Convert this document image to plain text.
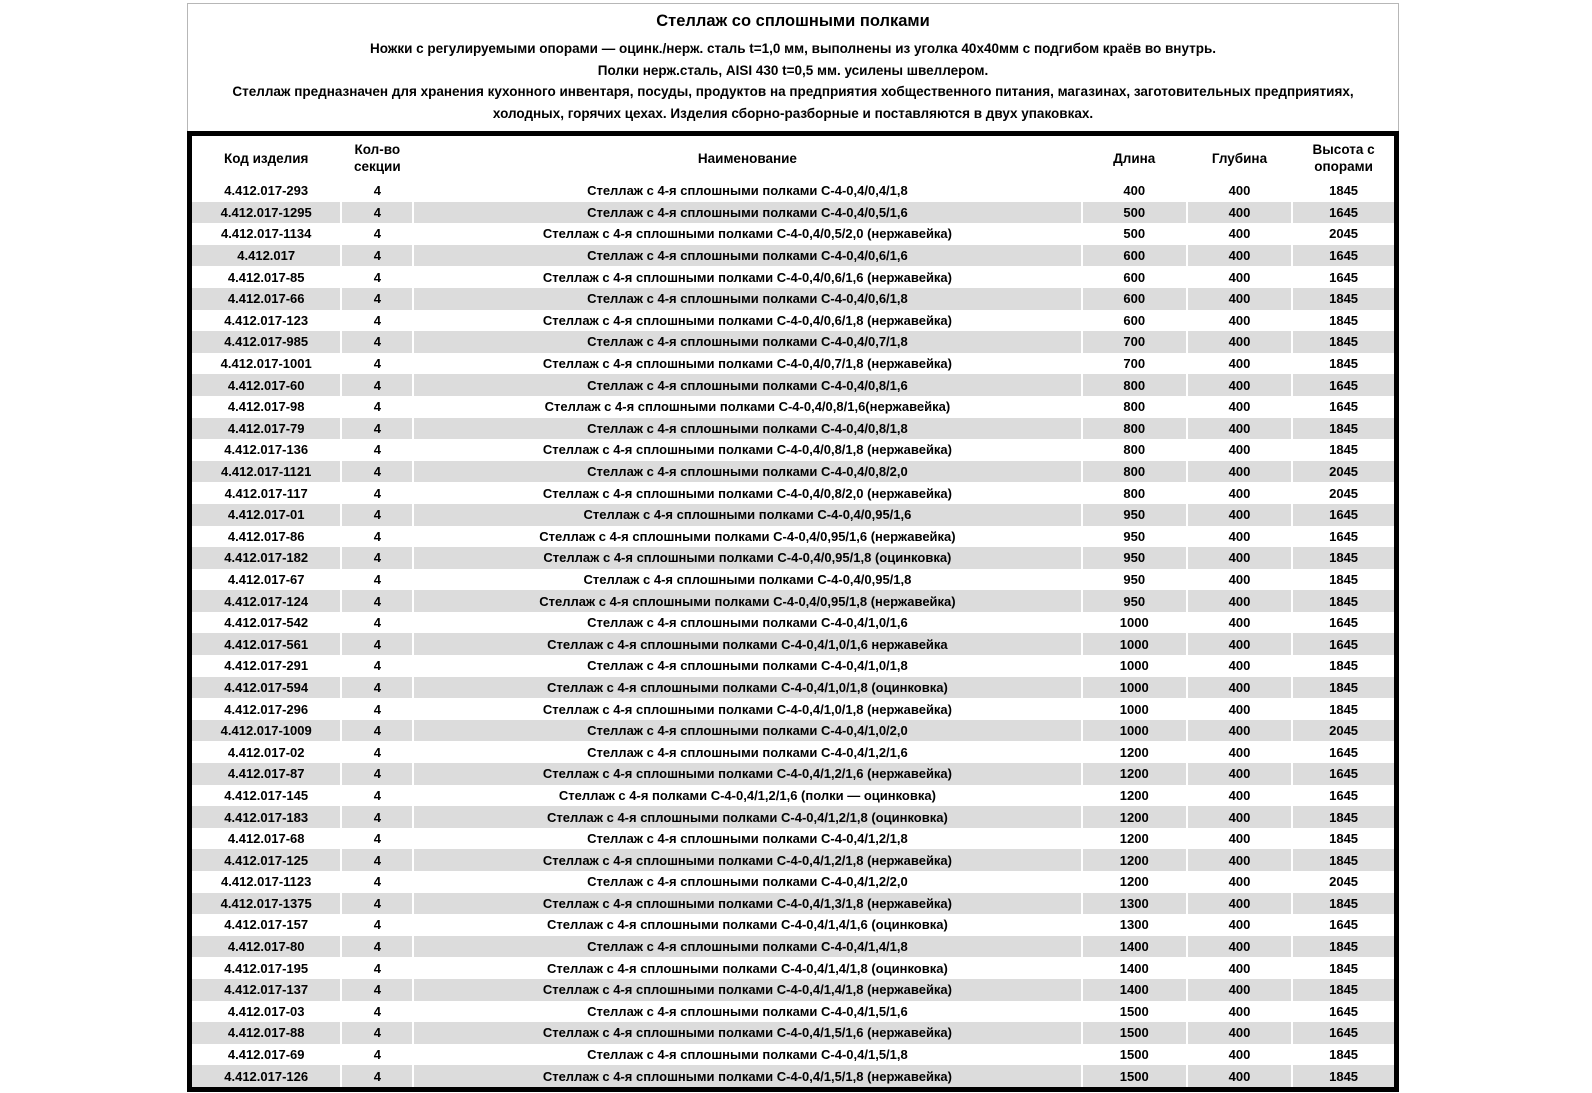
Стеллаж со сплошными полками
Ножки с регулируемыми опорами — оцинк./нерж. сталь t=1,0 мм, выполнены из уголка 40х40мм с подгибом краёв во внутрь.
Полки нерж.сталь, AISI 430 t=0,5 мм. усилены швеллером.
Стеллаж предназначен для хранения кухонного инвентаря, посуды, продуктов на предприятия хобщественного питания, магазинах, заготовительных предприятиях,
холодных, горячих цехах. Изделия сборно-разборные и поставляются в двух упаковках.
Код изделия	Кол-во секции	Наименование	Длина	Глубина	Высота с опорами
4.412.017-293	4	Стеллаж с 4-я сплошными полками С-4-0,4/0,4/1,8	400	400	1845
4.412.017-1295	4	Стеллаж с 4-я сплошными полками С-4-0,4/0,5/1,6	500	400	1645
4.412.017-1134	4	Стеллаж с 4-я сплошными полками С-4-0,4/0,5/2,0 (нержавейка)	500	400	2045
4.412.017	4	Стеллаж с 4-я сплошными полками С-4-0,4/0,6/1,6	600	400	1645
4.412.017-85	4	Стеллаж с 4-я сплошными полками С-4-0,4/0,6/1,6 (нержавейка)	600	400	1645
4.412.017-66	4	Стеллаж с 4-я сплошными полками С-4-0,4/0,6/1,8	600	400	1845
4.412.017-123	4	Стеллаж с 4-я сплошными полками С-4-0,4/0,6/1,8 (нержавейка)	600	400	1845
4.412.017-985	4	Стеллаж с 4-я сплошными полками С-4-0,4/0,7/1,8	700	400	1845
4.412.017-1001	4	Стеллаж с 4-я сплошными полками С-4-0,4/0,7/1,8 (нержавейка)	700	400	1845
4.412.017-60	4	Стеллаж с 4-я сплошными полками С-4-0,4/0,8/1,6	800	400	1645
4.412.017-98	4	Стеллаж с 4-я сплошными полками С-4-0,4/0,8/1,6(нержавейка)	800	400	1645
4.412.017-79	4	Стеллаж с 4-я сплошными полками С-4-0,4/0,8/1,8	800	400	1845
4.412.017-136	4	Стеллаж с 4-я сплошными полками С-4-0,4/0,8/1,8 (нержавейка)	800	400	1845
4.412.017-1121	4	Стеллаж с 4-я сплошными полками С-4-0,4/0,8/2,0	800	400	2045
4.412.017-117	4	Стеллаж с 4-я сплошными полками С-4-0,4/0,8/2,0 (нержавейка)	800	400	2045
4.412.017-01	4	Стеллаж с 4-я сплошными полками С-4-0,4/0,95/1,6	950	400	1645
4.412.017-86	4	Стеллаж с 4-я сплошными полками С-4-0,4/0,95/1,6 (нержавейка)	950	400	1645
4.412.017-182	4	Стеллаж с 4-я сплошными полками С-4-0,4/0,95/1,8 (оцинковка)	950	400	1845
4.412.017-67	4	Стеллаж с 4-я сплошными полками С-4-0,4/0,95/1,8	950	400	1845
4.412.017-124	4	Стеллаж с 4-я сплошными полками С-4-0,4/0,95/1,8 (нержавейка)	950	400	1845
4.412.017-542	4	Стеллаж с 4-я сплошными полками С-4-0,4/1,0/1,6	1000	400	1645
4.412.017-561	4	Стеллаж с 4-я сплошными полками С-4-0,4/1,0/1,6 нержавейка	1000	400	1645
4.412.017-291	4	Стеллаж с 4-я сплошными полками С-4-0,4/1,0/1,8	1000	400	1845
4.412.017-594	4	Стеллаж с 4-я сплошными полками С-4-0,4/1,0/1,8 (оцинковка)	1000	400	1845
4.412.017-296	4	Стеллаж с 4-я сплошными полками С-4-0,4/1,0/1,8 (нержавейка)	1000	400	1845
4.412.017-1009	4	Стеллаж с 4-я сплошными полками С-4-0,4/1,0/2,0	1000	400	2045
4.412.017-02	4	Стеллаж с 4-я сплошными полками С-4-0,4/1,2/1,6	1200	400	1645
4.412.017-87	4	Стеллаж с 4-я сплошными полками С-4-0,4/1,2/1,6 (нержавейка)	1200	400	1645
4.412.017-145	4	Стеллаж с 4-я полками С-4-0,4/1,2/1,6 (полки — оцинковка)	1200	400	1645
4.412.017-183	4	Стеллаж с 4-я сплошными полками С-4-0,4/1,2/1,8 (оцинковка)	1200	400	1845
4.412.017-68	4	Стеллаж с 4-я сплошными полками С-4-0,4/1,2/1,8	1200	400	1845
4.412.017-125	4	Стеллаж с 4-я сплошными полками С-4-0,4/1,2/1,8 (нержавейка)	1200	400	1845
4.412.017-1123	4	Стеллаж с 4-я сплошными полками С-4-0,4/1,2/2,0	1200	400	2045
4.412.017-1375	4	Стеллаж с 4-я сплошными полками С-4-0,4/1,3/1,8 (нержавейка)	1300	400	1845
4.412.017-157	4	Стеллаж с 4-я сплошными полками С-4-0,4/1,4/1,6 (оцинковка)	1300	400	1645
4.412.017-80	4	Стеллаж с 4-я сплошными полками С-4-0,4/1,4/1,8	1400	400	1845
4.412.017-195	4	Стеллаж с 4-я сплошными полками С-4-0,4/1,4/1,8 (оцинковка)	1400	400	1845
4.412.017-137	4	Стеллаж с 4-я сплошными полками С-4-0,4/1,4/1,8 (нержавейка)	1400	400	1845
4.412.017-03	4	Стеллаж с 4-я сплошными полками С-4-0,4/1,5/1,6	1500	400	1645
4.412.017-88	4	Стеллаж с 4-я сплошными полками С-4-0,4/1,5/1,6 (нержавейка)	1500	400	1645
4.412.017-69	4	Стеллаж с 4-я сплошными полками С-4-0,4/1,5/1,8	1500	400	1845
4.412.017-126	4	Стеллаж с 4-я сплошными полками С-4-0,4/1,5/1,8 (нержавейка)	1500	400	1845
